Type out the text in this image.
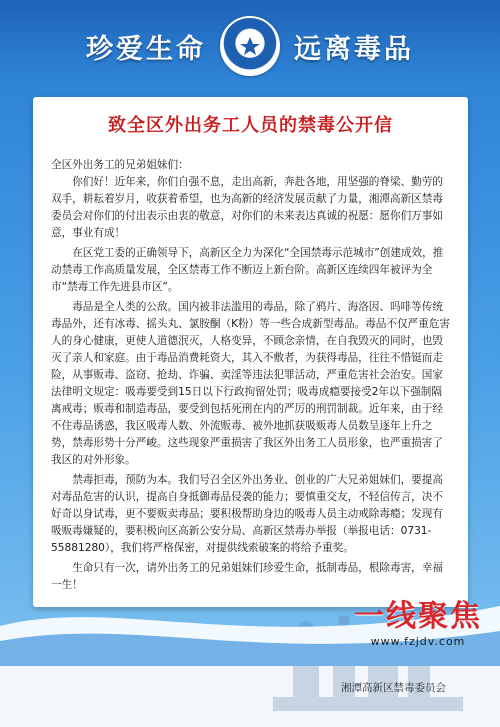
珍爱生命	远离毒品
致全区外出务工人员的禁毒公开信

全区外出务工的兄弟姐妹们：

你们好！近年来，你们自强不息，走出高新，奔赴各地，用坚强的脊梁、勤劳的双手，耕耘着岁月，收获着希望，也为高新的经济发展贡献了力量，湘潭高新区禁毒委员会对你们的付出表示由衷的敬意，对你们的未来表达真诚的祝愿：愿你们万事如意，事业有成！

在区党工委的正确领导下，高新区全力为深化“全国禁毒示范城市”创建成效，推动禁毒工作高质量发展，全区禁毒工作不断迈上新台阶。高新区连续四年被评为全市“禁毒工作先进县市区”。

毒品是全人类的公敌。国内被非法滥用的毒品，除了鸦片、海洛因、吗啡等传统毒品外，还有冰毒、摇头丸、氯胺酮（K粉）等一些合成新型毒品。毒品不仅严重危害人的身心健康，更使人道德泯灭，人格变异，不顾念亲情，在自我毁灭的同时，也毁灭了亲人和家庭。由于毒品消费耗资大，其入不敷者，为获得毒品，往往不惜铤而走险，从事贩毒、盗窃、抢劫、诈骗、卖淫等违法犯罪活动，严重危害社会治安。国家法律明文规定：吸毒要受到15日以下行政拘留处罚；吸毒成瘾要接受2年以下强制隔离戒毒；贩毒和制造毒品，要受到包括死刑在内的严厉的刑罚制裁。近年来，由于经不住毒品诱惑，我区吸毒人数、外流贩毒、被外地抓获吸贩毒人员数呈逐年上升之势，禁毒形势十分严峻。这些现象严重损害了我区外出务工人员形象，也严重损害了我区的对外形象。

禁毒拒毒，预防为本。我们号召全区外出务业、创业的广大兄弟姐妹们，要提高对毒品危害的认识，提高自身抵御毒品侵袭的能力；要慎重交友，不轻信传言，决不好奇以身试毒，更不要贩卖毒品；要积极帮助身边的吸毒人员主动戒除毒瘾；发现有吸贩毒嫌疑的，要积极向区高新公安分局、高新区禁毒办举报（举报电话：0731-55881280），我们将严格保密，对提供线索破案的将给予重奖。

生命只有一次，请外出务工的兄弟姐妹们珍爱生命，抵制毒品，根除毒害，幸福一生！

湘潭高新区禁毒委员会
一线聚焦
www.fzjdv.com
